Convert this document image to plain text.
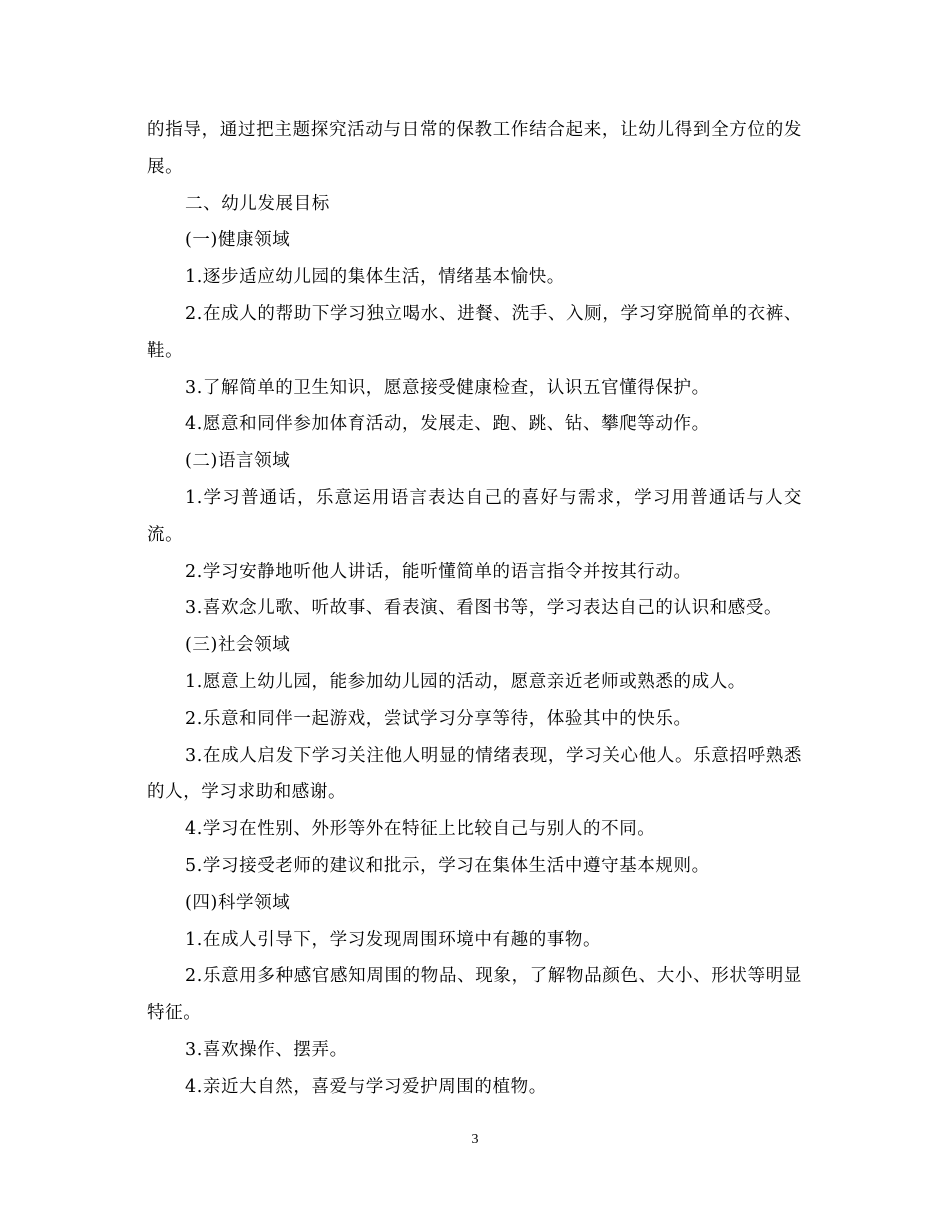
的指导，通过把主题探究活动与日常的保教工作结合起来，让幼儿得到全方位的发展。

二、幼儿发展目标

(一)健康领域

1.逐步适应幼儿园的集体生活，情绪基本愉快。

2.在成人的帮助下学习独立喝水、进餐、洗手、入厕，学习穿脱简单的衣裤、鞋。

3.了解简单的卫生知识，愿意接受健康检查，认识五官懂得保护。

4.愿意和同伴参加体育活动，发展走、跑、跳、钻、攀爬等动作。

(二)语言领域

1.学习普通话，乐意运用语言表达自己的喜好与需求，学习用普通话与人交流。

2.学习安静地听他人讲话，能听懂简单的语言指令并按其行动。

3.喜欢念儿歌、听故事、看表演、看图书等，学习表达自己的认识和感受。

(三)社会领域

1.愿意上幼儿园，能参加幼儿园的活动，愿意亲近老师或熟悉的成人。

2.乐意和同伴一起游戏，尝试学习分享等待，体验其中的快乐。

3.在成人启发下学习关注他人明显的情绪表现，学习关心他人。乐意招呼熟悉的人，学习求助和感谢。

4.学习在性别、外形等外在特征上比较自己与别人的不同。

5.学习接受老师的建议和批示，学习在集体生活中遵守基本规则。

(四)科学领域

1.在成人引导下，学习发现周围环境中有趣的事物。

2.乐意用多种感官感知周围的物品、现象，了解物品颜色、大小、形状等明显特征。

3.喜欢操作、摆弄。

4.亲近大自然，喜爱与学习爱护周围的植物。

3
